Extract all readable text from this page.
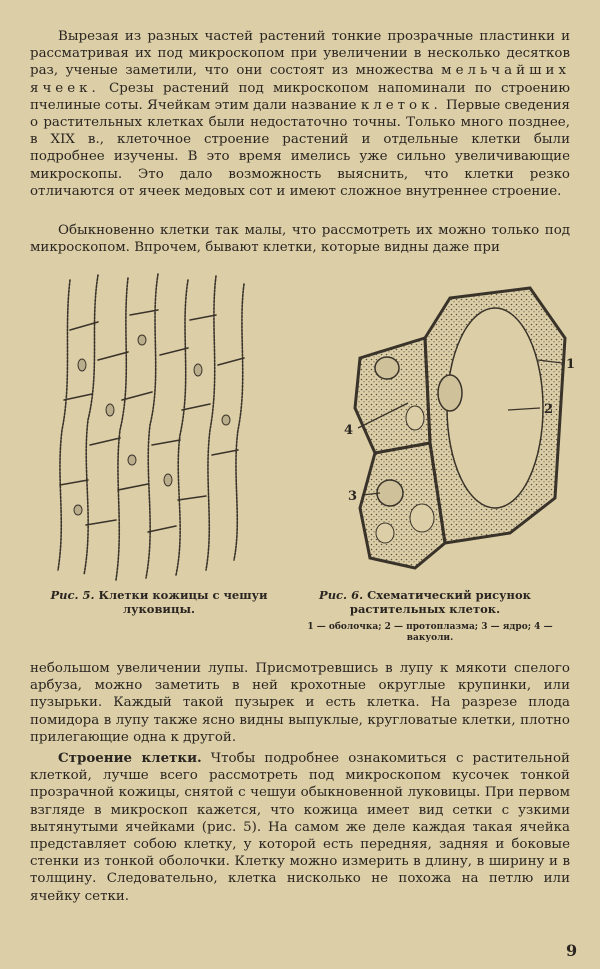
Вырезая из разных частей растений тонкие прозрачные пластинки и рассматривая их под микроскопом при увеличении в несколько десятков раз, ученые заметили, что они состоят из множества мельчайших ячеек. Срезы растений под микроскопом напоминали по строению пчелиные соты. Ячейкам этим дали название клеток. Первые сведения о растительных клетках были недостаточно точны. Только много позднее, в XIX в., клеточное строение растений и отдельные клетки были подробнее изучены. В это время имелись уже сильно увеличивающие микроскопы. Это дало возможность выяснить, что клетки резко отличаются от ячеек медовых сот и имеют сложное внутреннее строение.

Обыкновенно клетки так малы, что рассмотреть их можно только под микроскопом. Впрочем, бывают клетки, которые видны даже при

1
2
3
4

Рис. 5. Клетки кожицы с чешуи луковицы.

Рис. 6. Схематический рисунок растительных клеток.

1 — оболочка; 2 — протоплазма; 3 — ядро; 4 — вакуоли.

небольшом увеличении лупы. Присмотревшись в лупу к мякоти спелого арбуза, можно заметить в ней крохотные округлые крупинки, или пузырьки. Каждый такой пузырек и есть клетка. На разрезе плода помидора в лупу также ясно видны выпуклые, кругловатые клетки, плотно прилегающие одна к другой.

Строение клетки. Чтобы подробнее ознакомиться с растительной клеткой, лучше всего рассмотреть под микроскопом кусочек тонкой прозрачной кожицы, снятой с чешуи обыкновенной луковицы. При первом взгляде в микроскоп кажется, что кожица имеет вид сетки с узкими вытянутыми ячейками (рис. 5). На самом же деле каждая такая ячейка представляет собою клетку, у которой есть передняя, задняя и боковые стенки из тонкой оболочки. Клетку можно измерить в длину, в ширину и в толщину. Следовательно, клетка нисколько не похожа на петлю или ячейку сетки.

9
